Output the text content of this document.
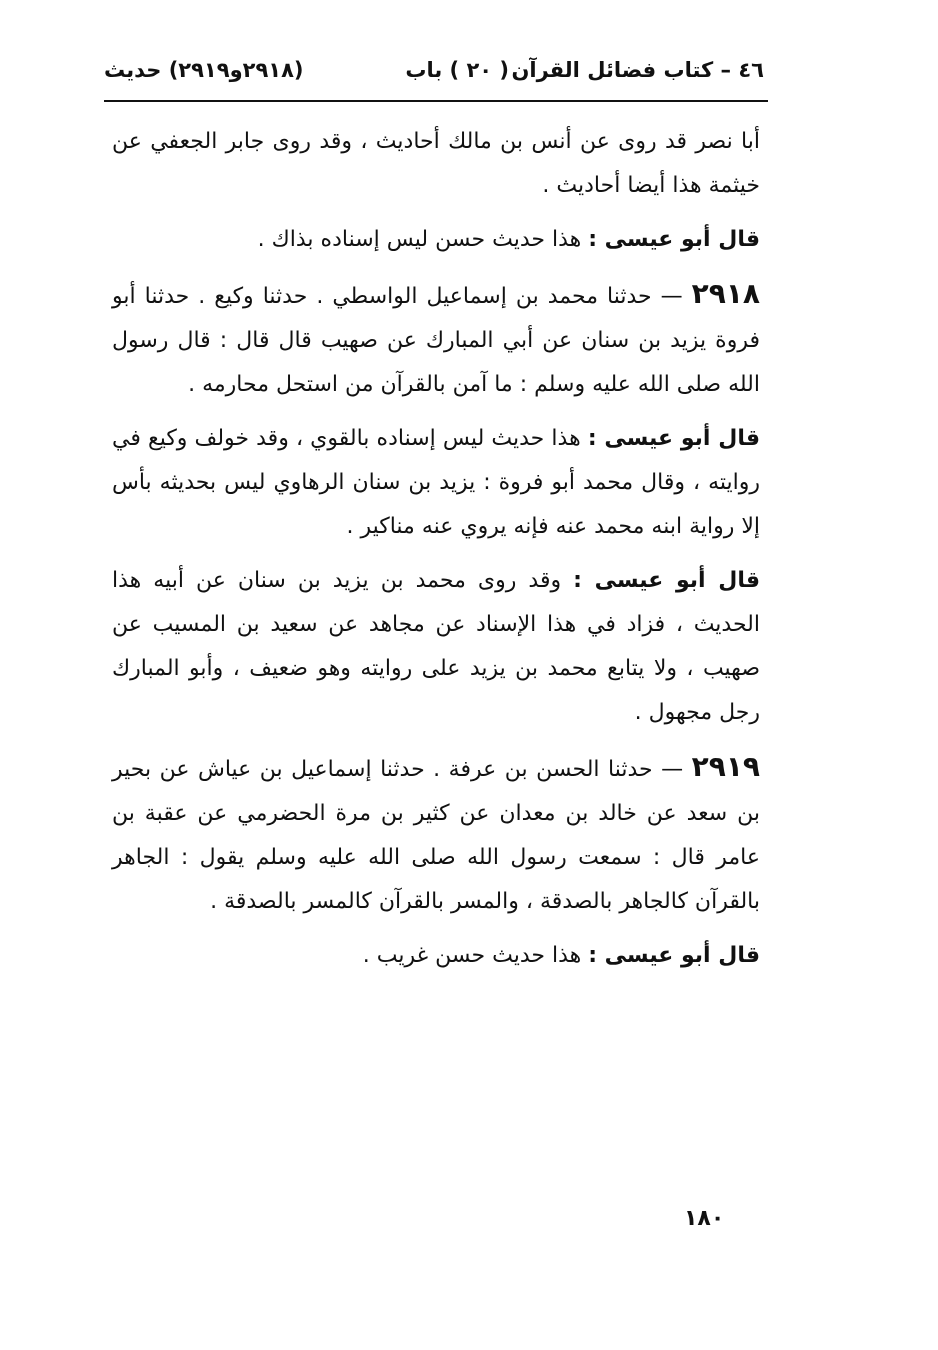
٤٦ – كتاب فضائل القرآن
( ٢٠ ) باب
(٢٩١٨و٢٩١٩) حديث

أبا نصر قد روى عن أنس بن مالك أحاديث ، وقد روى جابر الجعفي عن خيثمة هذا أيضا أحاديث .

قال أبو عيسى : هذا حديث حسن ليس إسناده بذاك .

٢٩١٨ — حدثنا محمد بن إسماعيل الواسطي . حدثنا وكيع . حدثنا أبو فروة يزيد بن سنان عن أبي المبارك عن صهيب قال قال : قال رسول الله صلى الله عليه وسلم : ما آمن بالقرآن من استحل محارمه .

قال أبو عيسى : هذا حديث ليس إسناده بالقوي ، وقد خولف وكيع في روايته ، وقال محمد أبو فروة : يزيد بن سنان الرهاوي ليس بحديثه بأس إلا رواية ابنه محمد عنه فإنه يروي عنه مناكير .

قال أبو عيسى : وقد روى محمد بن يزيد بن سنان عن أبيه هذا الحديث ، فزاد في هذا الإسناد عن مجاهد عن سعيد بن المسيب عن صهيب ، ولا يتابع محمد بن يزيد على روايته وهو ضعيف ، وأبو المبارك رجل مجهول .

٢٩١٩ — حدثنا الحسن بن عرفة . حدثنا إسماعيل بن عياش عن بحير بن سعد عن خالد بن معدان عن كثير بن مرة الحضرمي عن عقبة بن عامر قال : سمعت رسول الله صلى الله عليه وسلم يقول : الجاهر بالقرآن كالجاهر بالصدقة ، والمسر بالقرآن كالمسر بالصدقة .

قال أبو عيسى : هذا حديث حسن غريب .

١٨٠
